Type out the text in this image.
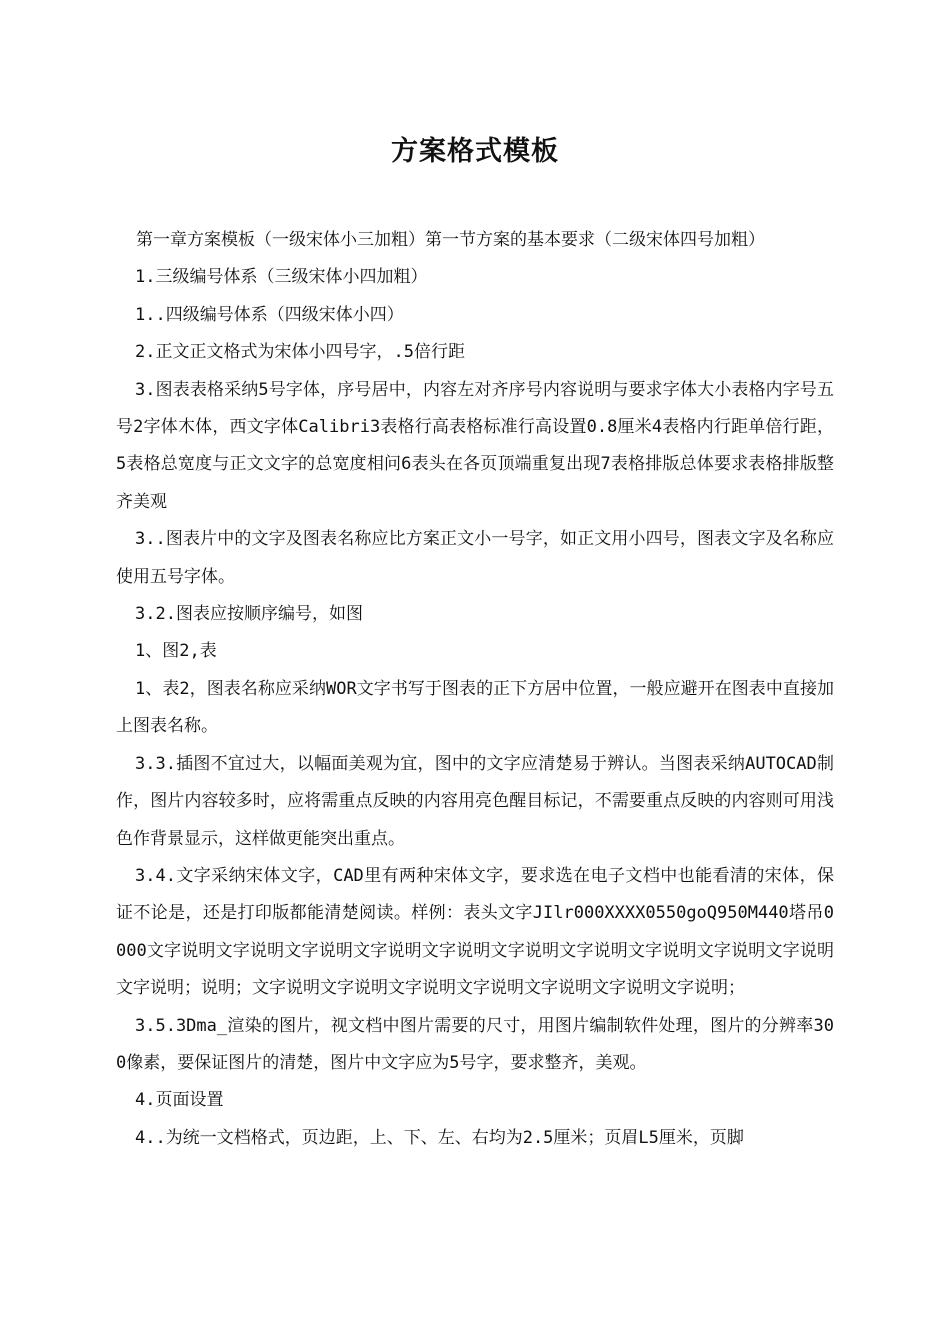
方案格式模板

第一章方案模板（一级宋体小三加粗）第一节方案的基本要求（二级宋体四号加粗）

1.三级编号体系（三级宋体小四加粗）

1..四级编号体系（四级宋体小四）

2.正文正文格式为宋体小四号字，.5倍行距

3.图表表格采纳5号字体，序号居中，内容左对齐序号内容说明与要求字体大小表格内字号五号2字体木体，西文字体Calibri3表格行高表格标准行高设置0.8厘米4表格内行距单倍行距，5表格总宽度与正文文字的总宽度相问6表头在各页顶端重复出现7表格排版总体要求表格排版整齐美观

3..图表片中的文字及图表名称应比方案正文小一号字，如正文用小四号，图表文字及名称应使用五号字体。

3.2.图表应按顺序编号，如图

1、图2,表

1、表2，图表名称应采纳WOR文字书写于图表的正下方居中位置，一般应避开在图表中直接加上图表名称。

3.3.插图不宜过大，以幅面美观为宜，图中的文字应清楚易于辨认。当图表采纳AUTOCAD制作，图片内容较多时，应将需重点反映的内容用亮色醒目标记，不需要重点反映的内容则可用浅色作背景显示，这样做更能突出重点。

3.4.文字采纳宋体文字，CAD里有两种宋体文字，要求选在电子文档中也能看清的宋体，保证不论是，还是打印版都能清楚阅读。样例：表头文字JIlr000XXXX0550goQ950M440塔吊0000文字说明文字说明文字说明文字说明文字说明文字说明文字说明文字说明文字说明文字说明文字说明；说明；文字说明文字说明文字说明文字说明文字说明文字说明文字说明；

3.5.3Dma_渲染的图片，视文档中图片需要的尺寸，用图片编制软件处理，图片的分辨率300像素，要保证图片的清楚，图片中文字应为5号字，要求整齐，美观。

4.页面设置

4..为统一文档格式，页边距，上、下、左、右均为2.5厘米；页眉L5厘米，页脚
